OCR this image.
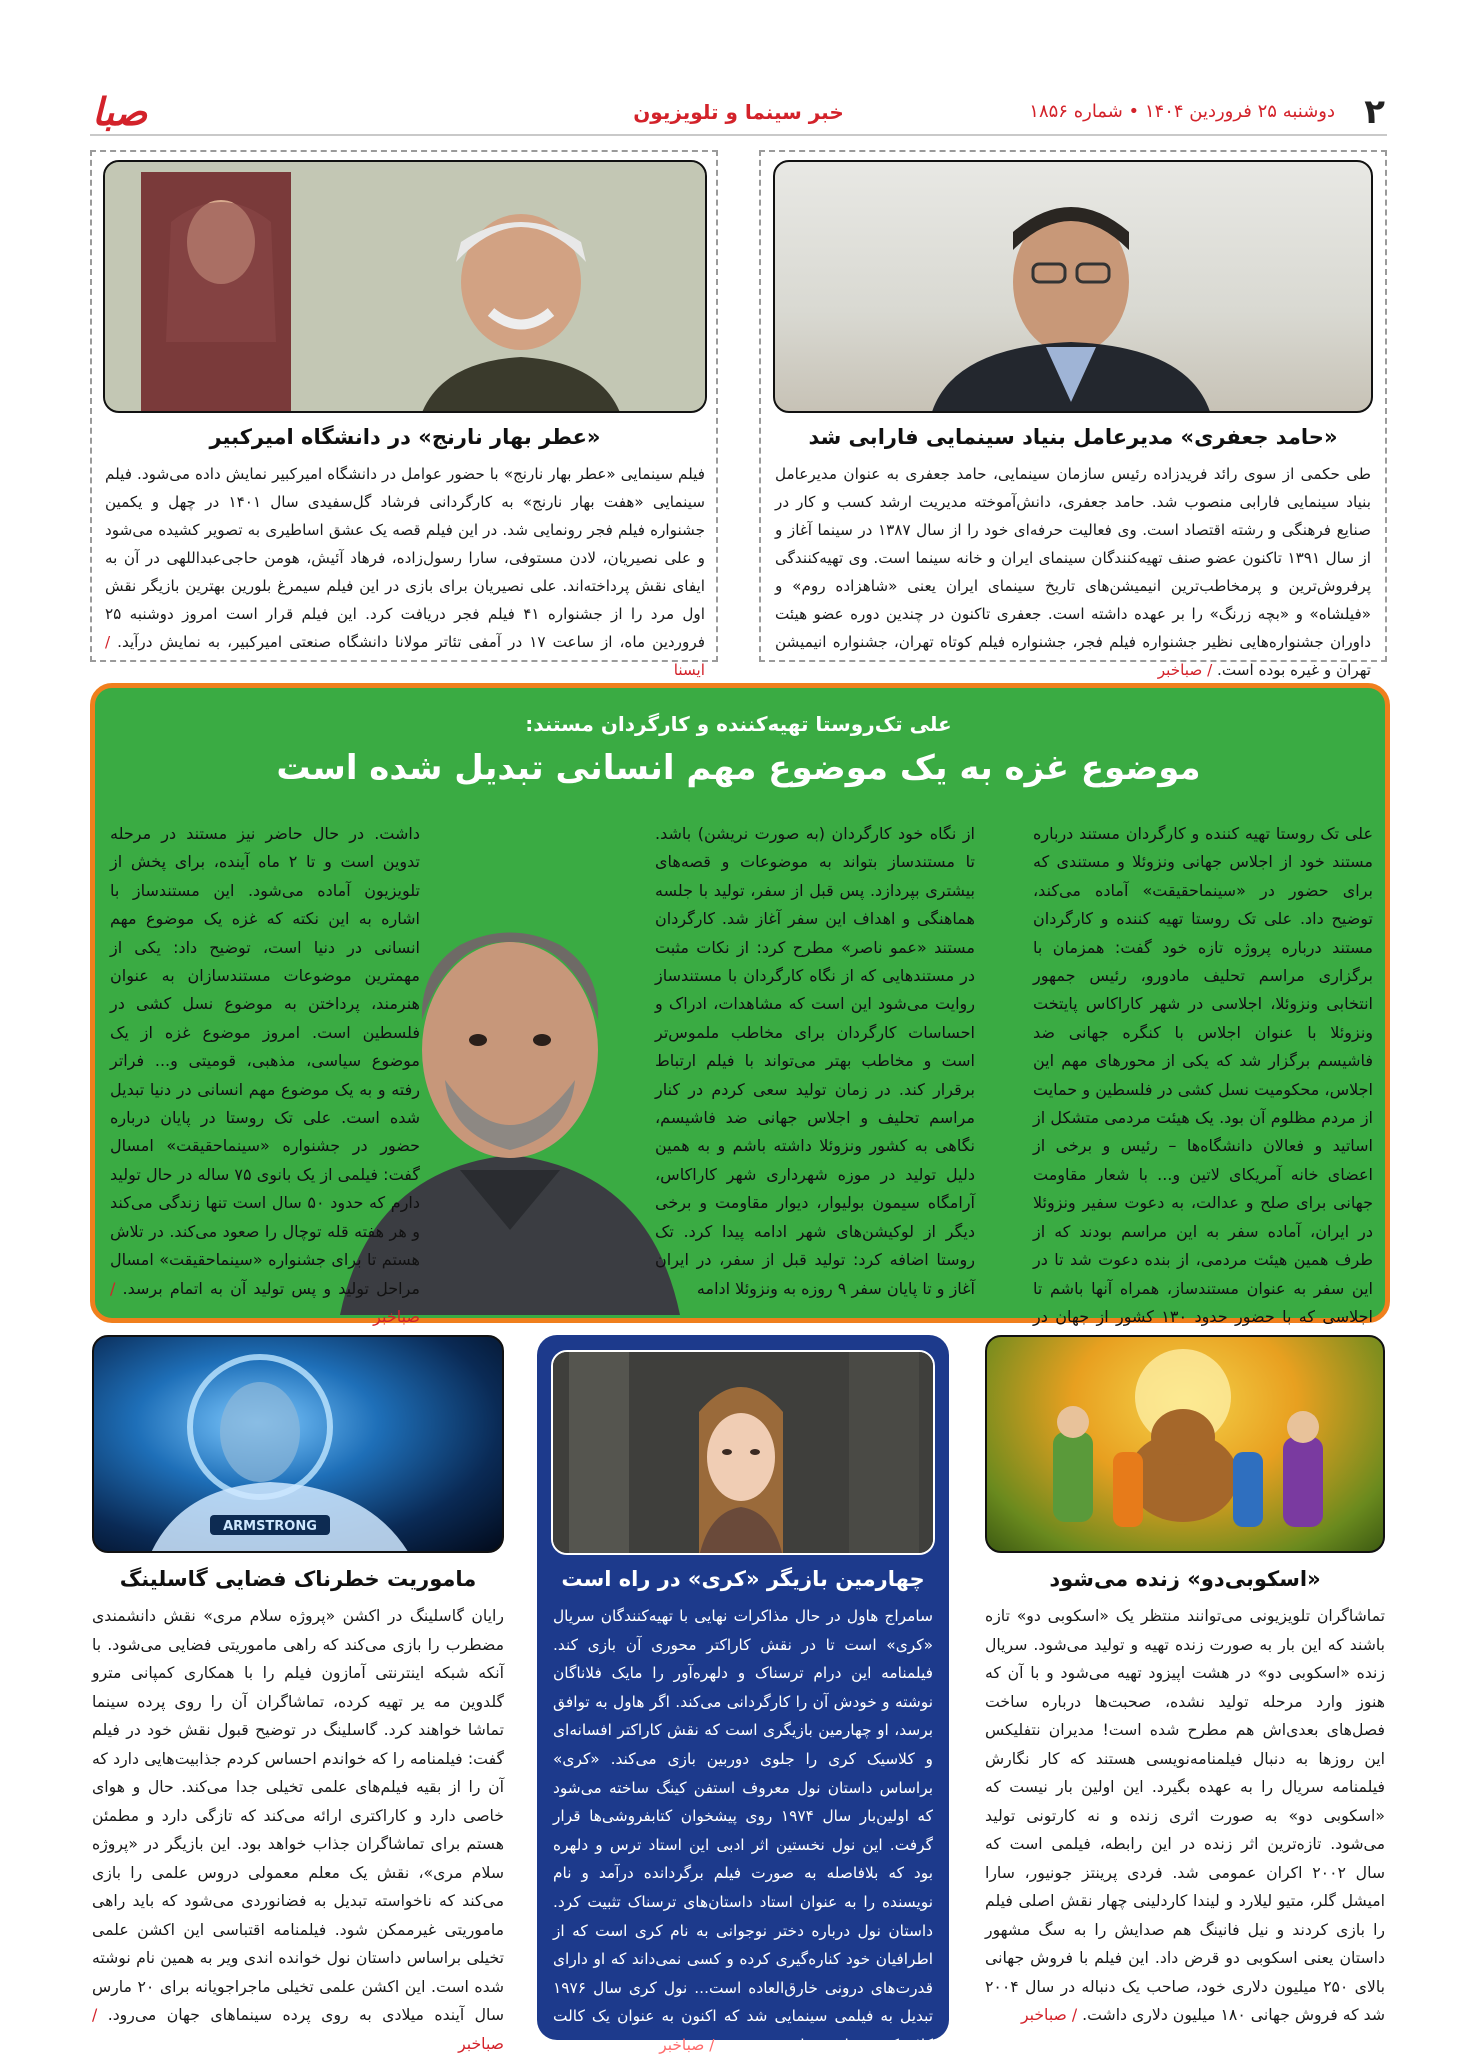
۲
دوشنبه ۲۵ فروردین ۱۴۰۴ • شماره ۱۸۵۶
خبر سینما و تلویزیون
صبا
«حامد جعفری» مدیرعامل بنیاد سینمایی فارابی شد
طی حکمی از سوی رائد فریدزاده رئیس سازمان سینمایی، حامد جعفری به عنوان مدیرعامل بنیاد سینمایی فارابی منصوب شد. حامد جعفری، دانش‌آموخته مدیریت ارشد کسب و کار در صنایع فرهنگی و رشته اقتصاد است. وی فعالیت حرفه‌ای خود را از سال ۱۳۸۷ در سینما آغاز و از سال ۱۳۹۱ تاکنون عضو صنف تهیه‌کنندگان سینمای ایران و خانه سینما است. وی تهیه‌کنندگی پرفروش‌ترین و پرمخاطب‌ترین انیمیشن‌های تاریخ سینمای ایران یعنی «شاهزاده روم» و «فیلشاه» و «بچه زرنگ» را بر عهده داشته است. جعفری تاکنون در چندین دوره عضو هیئت داوران جشنواره‌هایی نظیر جشنواره فیلم فجر، جشنواره فیلم کوتاه تهران، جشنواره انیمیشن تهران و غیره بوده است. / صباخبر
«عطر بهار نارنج» در دانشگاه امیرکبیر
فیلم سینمایی «عطر بهار نارنج» با حضور عوامل در دانشگاه امیرکبیر نمایش داده می‌شود. فیلم سینمایی «هفت بهار نارنج» به کارگردانی فرشاد گل‌سفیدی سال ۱۴۰۱ در چهل و یکمین جشنواره فیلم فجر رونمایی شد. در این فیلم قصه یک عشق اساطیری به تصویر کشیده می‌شود و علی نصیریان، لادن مستوفی، سارا رسول‌زاده، فرهاد آئیش، هومن حاجی‌عبداللهی در آن به ایفای نقش پرداخته‌اند. علی نصیریان برای بازی در این فیلم سیمرغ بلورین بهترین بازیگر نقش اول مرد را از جشنواره ۴۱ فیلم فجر دریافت کرد. این فیلم قرار است امروز دوشنبه ۲۵ فروردین ماه، از ساعت ۱۷ در آمفی تئاتر مولانا دانشگاه صنعتی امیرکبیر، به نمایش درآید. / ایسنا
علی تک‌روستا تهیه‌کننده و کارگردان مستند:
موضوع غزه به یک موضوع مهم انسانی تبدیل شده است
علی تک روستا تهیه کننده و کارگردان مستند درباره مستند خود از اجلاس جهانی ونزوئلا و مستندی که برای حضور در «سینماحقیقت» آماده می‌کند، توضیح داد. علی تک روستا تهیه کننده و کارگردان مستند درباره پروژه تازه خود گفت: همزمان با برگزاری مراسم تحلیف مادورو، رئیس جمهور انتخابی ونزوئلا، اجلاسی در شهر کاراکاس پایتخت ونزوئلا با عنوان اجلاس با کنگره جهانی ضد فاشیسم برگزار شد که یکی از محورهای مهم این اجلاس، محکومیت نسل کشی در فلسطین و حمایت از مردم مظلوم آن بود. یک هیئت مردمی متشکل از اساتید و فعالان دانشگاه‌ها – رئیس و برخی از اعضای خانه آمریکای لاتین و... با شعار مقاومت جهانی برای صلح و عدالت، به دعوت سفیر ونزوئلا در ایران، آماده سفر به این مراسم بودند که از طرف همین هیئت مردمی، از بنده دعوت شد تا در این سفر به عنوان مستندساز، همراه آنها باشم تا اجلاسی که با حضور حدود ۱۳۰ کشور از جهان در
از نگاه خود کارگردان (به صورت نریشن) باشد. تا مستندساز بتواند به موضوعات و قصه‌های بیشتری بپردازد. پس قبل از سفر، تولید با جلسه هماهنگی و اهداف این سفر آغاز شد. کارگردان مستند «عمو ناصر» مطرح کرد: از نکات مثبت در مستندهایی که از نگاه کارگردان با مستندساز روایت می‌شود این است که مشاهدات، ادراک و احساسات کارگردان برای مخاطب ملموس‌تر است و مخاطب بهتر می‌تواند با فیلم ارتباط برقرار کند. در زمان تولید سعی کردم در کنار مراسم تحلیف و اجلاس جهانی ضد فاشیسم، نگاهی به کشور ونزوئلا داشته باشم و به همین دلیل تولید در موزه شهرداری شهر کاراکاس، آرامگاه سیمون بولیوار، دیوار مقاومت و برخی دیگر از لوکیشن‌های شهر ادامه پیدا کرد. تک روستا اضافه کرد: تولید قبل از سفر، در ایران آغاز و تا پایان سفر ۹ روزه به ونزوئلا ادامه
داشت. در حال حاضر نیز مستند در مرحله تدوین است و تا ۲ ماه آینده، برای پخش از تلویزیون آماده می‌شود. این مستندساز با اشاره به این نکته که غزه یک موضوع مهم انسانی در دنیا است، توضیح داد: یکی از مهمترین موضوعات مستندسازان به عنوان هنرمند، پرداختن به موضوع نسل کشی در فلسطین است. امروز موضوع غزه از یک موضوع سیاسی، مذهبی، قومیتی و... فراتر رفته و به یک موضوع مهم انسانی در دنیا تبدیل شده است. علی تک روستا در پایان درباره حضور در جشنواره «سینماحقیقت» امسال گفت: فیلمی از یک بانوی ۷۵ ساله در حال تولید دارم که حدود ۵۰ سال است تنها زندگی می‌کند و هر هفته قله توچال را صعود می‌کند. در تلاش هستم تا برای جشنواره «سینماحقیقت» امسال مراحل تولید و پس تولید آن به اتمام برسد. / صباخبر
«اسکوبی‌دو» زنده می‌شود
تماشاگران تلویزیونی می‌توانند منتظر یک «اسکوبی دو» تازه باشند که این بار به صورت زنده تهیه و تولید می‌شود. سریال زنده «اسکوبی دو» در هشت اپیزود تهیه می‌شود و با آن که هنوز وارد مرحله تولید نشده، صحبت‌ها درباره ساخت فصل‌های بعدی‌اش هم مطرح شده است! مدیران نتفلیکس این روزها به دنبال فیلمنامه‌نویسی هستند که کار نگارش فیلمنامه سریال را به عهده بگیرد. این اولین بار نیست که «اسکوبی دو» به صورت اثری زنده و نه کارتونی تولید می‌شود. تازه‌ترین اثر زنده در این رابطه، فیلمی است که سال ۲۰۰۲ اکران عمومی شد. فردی پرینتز جونیور، سارا امیشل گلر، متیو لیلارد و لیندا کاردلینی چهار نقش اصلی فیلم را بازی کردند و نیل فانینگ هم صدایش را به سگ مشهور داستان یعنی اسکوبی دو قرض داد. این فیلم با فروش جهانی بالای ۲۵۰ میلیون دلاری خود، صاحب یک دنباله در سال ۲۰۰۴ شد که فروش جهانی ۱۸۰ میلیون دلاری داشت. / صباخبر
چهارمین بازیگر «کری» در راه است
سامراج هاول در حال مذاکرات نهایی با تهیه‌کنندگان سریال «کری» است تا در نقش کاراکتر محوری آن بازی کند. فیلمنامه این درام ترسناک و دلهره‌آور را مایک فلاناگان نوشته و خودش آن را کارگردانی می‌کند. اگر هاول به توافق برسد، او چهارمین بازیگری است که نقش کاراکتر افسانه‌ای و کلاسیک کری را جلوی دوربین بازی می‌کند. «کری» براساس داستان نول معروف استفن کینگ ساخته می‌شود که اولین‌بار سال ۱۹۷۴ روی پیشخوان کتابفروشی‌ها قرار گرفت. این نول نخستین اثر ادبی این استاد ترس و دلهره بود که بلافاصله به صورت فیلم برگردانده درآمد و نام نویسنده را به عنوان استاد داستان‌های ترسناک تثبیت کرد. داستان نول درباره دختر نوجوانی به نام کری است که از اطرافیان خود کناره‌گیری کرده و کسی نمی‌داند که او دارای قدرت‌های درونی خارق‌العاده است... نول کری سال ۱۹۷۶ تبدیل به فیلمی سینمایی شد که اکنون به عنوان یک کالت کلاسیک سینمایی شناخته می‌شود. / صباخبر
ARMSTRONG
ماموریت خطرناک فضایی گاسلینگ
رایان گاسلینگ در اکشن «پروژه سلام مری» نقش دانشمندی مضطرب را بازی می‌کند که راهی ماموریتی فضایی می‌شود. با آنکه شبکه اینترنتی آمازون فیلم را با همکاری کمپانی مترو گلدوین مه یر تهیه کرده، تماشاگران آن را روی پرده سینما تماشا خواهند کرد. گاسلینگ در توضیح قبول نقش خود در فیلم گفت: فیلمنامه را که خواندم احساس کردم جذابیت‌هایی دارد که آن را از بقیه فیلم‌های علمی تخیلی جدا می‌کند. حال و هوای خاصی دارد و کاراکتری ارائه می‌کند که تازگی دارد و مطمئن هستم برای تماشاگران جذاب خواهد بود. این بازیگر در «پروژه سلام مری»، نقش یک معلم معمولی دروس علمی را بازی می‌کند که ناخواسته تبدیل به فضانوردی می‌شود که باید راهی ماموریتی غیرممکن شود. فیلمنامه اقتباسی این اکشن علمی تخیلی براساس داستان نول خوانده اندی ویر به همین نام نوشته شده است. این اکشن علمی تخیلی ماجراجویانه برای ۲۰ مارس سال آینده میلادی به روی پرده سینماهای جهان می‌رود. / صباخبر
